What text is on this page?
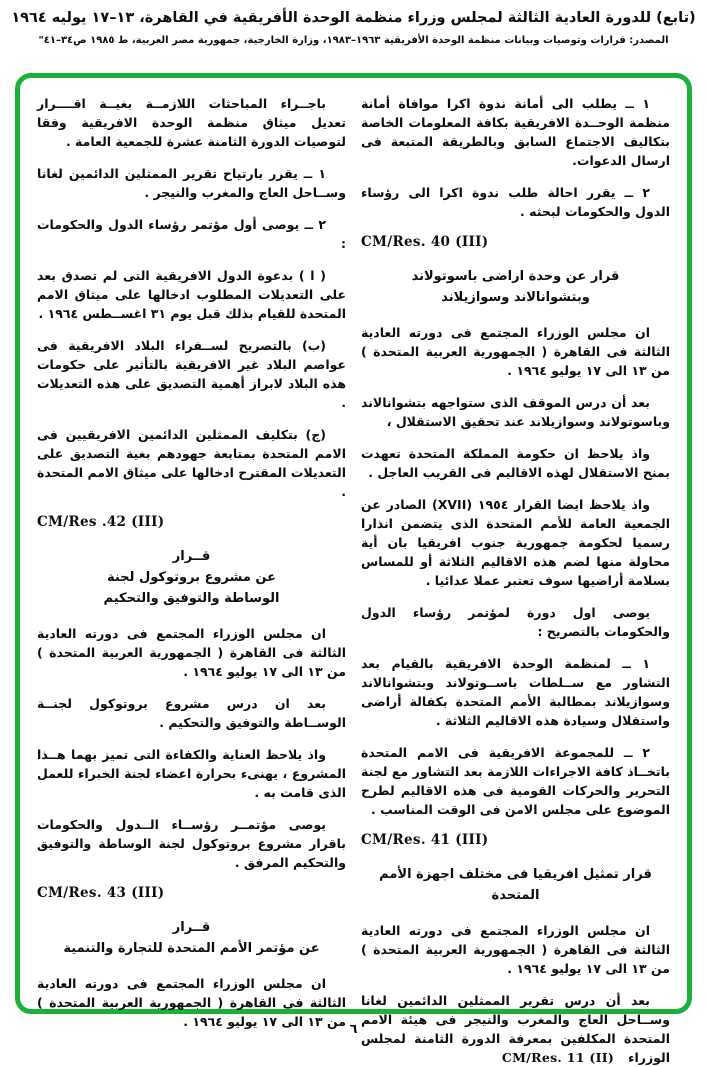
(تابع) للدورة العادية الثالثة لمجلس وزراء منظمة الوحدة الأفريقية في القاهرة، ١٣–١٧ يوليه ١٩٦٤
المصدر: قرارات وتوصيات وبيانات منظمة الوحدة الأفريقية ١٩٦٣–١٩٨٣، وزارة الخارجية، جمهورية مصر العربية، ط ١٩٨٥ ص٣٤–٤١"
١ ــ يطلب الى أمانة ندوة اكرا موافاة أمانة منظمة الوحــدة الافريقية بكافة المعلومات الخاصة بتكاليف الاجتماع السابق وبالطريقة المتبعة فى ارسال الدعوات.
٢ ــ يقرر احالة طلب ندوة اكرا الى رؤساء الدول والحكومات لبحثه .
CM/Res. 40 (III)
قرار عن وحدة اراضى باسوتولاند
وبتشوانالاند وسوازيلاند
ان مجلس الوزراء المجتمع فى دورته العادية الثالثة فى القاهرة ( الجمهورية العربية المتحدة ) من ١٣ الى ١٧ يوليو ١٩٦٤ .
بعد أن درس الموقف الذى ستواجهه بتشوانالاند وباسوتولاند وسوازيلاند عند تحقيق الاستقلال ،
واذ يلاحظ ان حكومة المملكة المتحدة تعهدت بمنح الاستقلال لهذه الاقاليم فى القريب العاجل .
واذ يلاحظ ايضا القرار ١٩٥٤ (XVII) الصادر عن الجمعية العامة للأمم المتحدة الذى يتضمن انذارا رسميا لحكومة جمهورية جنوب افريقيا بان أية محاولة منها لضم هذه الاقاليم الثلاثة أو للمساس بسلامة أراضيها سوف تعتبر عملا عدائيا .
يوصى اول دورة لمؤتمر رؤساء الدول والحكومات بالتصريح :
١ ــ لمنظمة الوحدة الافريقية بالقيام بعد التشاور مع ســلطات باســوتولاند وبتشوانالاند وسوازيلاند بمطالبة الأمم المتحدة بكفالة أراضى واستقلال وسيادة هذه الاقاليم الثلاثة .
٢ ــ للمجموعة الافريقية فى الامم المتحدة باتخــاذ كافة الاجراءات اللازمة بعد التشاور مع لجنة التحرير والحركات القومية فى هذه الاقاليم لطرح الموضوع على مجلس الامن فى الوقت المناسب .
CM/Res. 41 (III)
قرار تمثيل افريقيا فى مختلف اجهزة الأمم المتحدة
ان مجلس الوزراء المجتمع فى دورته العادية الثالثة فى القاهرة ( الجمهورية العربية المتحدة ) من ١٣ الى ١٧ يوليو ١٩٦٤ .
بعد أن درس تقرير الممثلين الدائمين لغانا وســاحل العاج والمغرب والنيجر فى هيئة الامم المتحدة المكلفين بمعرفة الدورة الثامنة لمجلس الوزراءCM/Res. 11 (II)
باجــراء المباحثات اللازمــة بغيــة اقــــرار تعديل ميثاق منظمة الوحدة الافريقية وفقا لتوصيات الدورة الثامنة عشرة للجمعية العامة .
١ ــ يقرر بارتياح تقرير الممثلين الدائمين لغانا وســاحل العاج والمغرب والنيجر .
٢ ــ يوصى أول مؤتمر رؤساء الدول والحكومات :
( ا ) بدعوة الدول الافريقية التى لم تصدق بعد على التعديلات المطلوب ادخالها على ميثاق الامم المتحدة للقيام بذلك قبل يوم ٣١ اغســطس ١٩٦٤ .
(ب) بالتصريح لســفراء البلاد الافريقية فى عواصم البلاد غير الافريقية بالتأثير على حكومات هذه البلاد لابراز أهمية التصديق على هذه التعديلات .
(ج) بتكليف الممثلين الدائمين الافريقيين فى الامم المتحدة بمتابعة جهودهم بغية التصديق على التعديلات المقترح ادخالها على ميثاق الامم المتحدة .
CM/Res .42 (III)
قــرار
عن مشروع بروتوكول لجنة
الوساطة والتوفيق والتحكيم
ان مجلس الوزراء المجتمع فى دورته العادية الثالثة فى القاهرة ( الجمهورية العربية المتحدة ) من ١٣ الى ١٧ يوليو ١٩٦٤ .
بعد ان درس مشروع بروتوكول لجنــة الوســاطة والتوفيق والتحكيم .
واذ يلاحظ العناية والكفاءة التى تميز بهما هــذا المشروع ، يهنىء بحرارة اعضاء لجنة الخبراء للعمل الذى قامت به .
يوصى مؤتمــر رؤســاء الــدول والحكومات باقرار مشروع بروتوكول لجنة الوساطة والتوفيق والتحكيم المرفق .
CM/Res. 43 (III)
قــرار
عن مؤتمر الأمم المتحدة للتجارة والتنمية
ان مجلس الوزراء المجتمع فى دورته العادية الثالثة فى القاهرة ( الجمهورية العربية المتحدة ) من ١٣ الى ١٧ يوليو ١٩٦٤ .
٦
